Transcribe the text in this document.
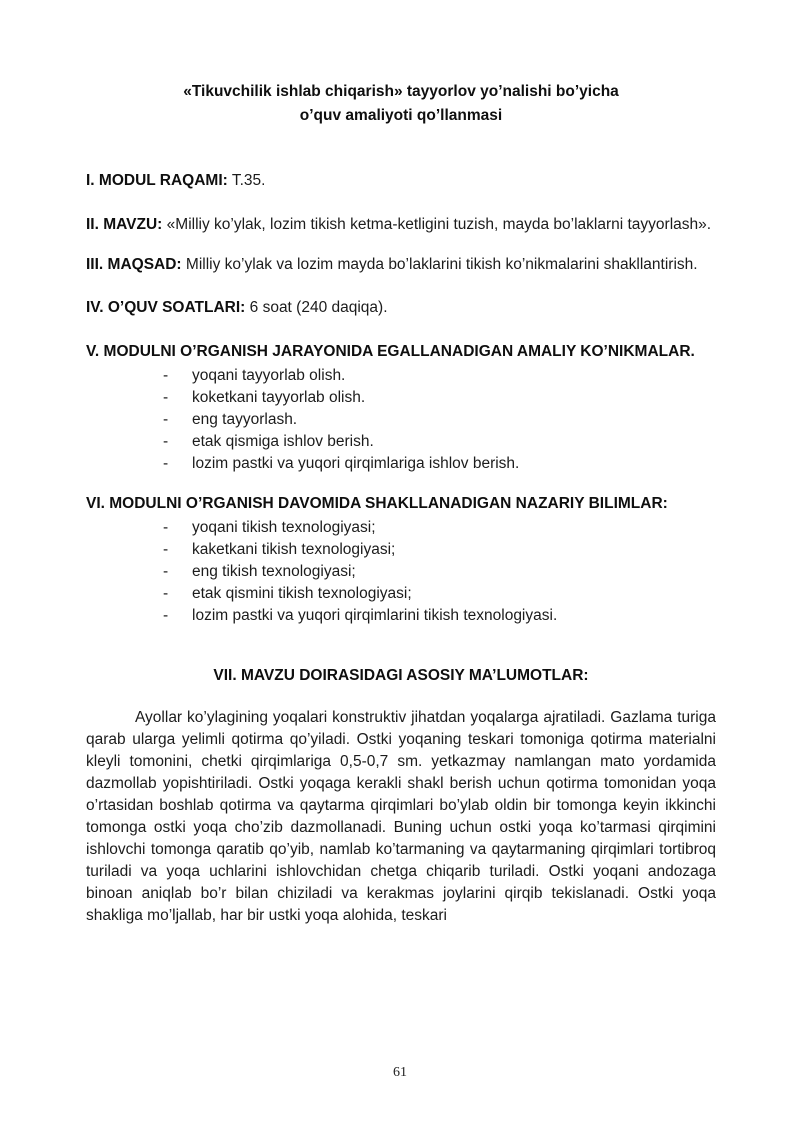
«Tikuvchilik ishlab chiqarish» tayyorlov yo’nalishi bo’yicha
o’quv amaliyoti qo’llanmasi

I. MODUL RAQAMI: T.35.

II. MAVZU: «Milliy ko’ylak, lozim tikish ketma-ketligini tuzish, mayda bo’laklarni tayyorlash».

III. MAQSAD: Milliy ko’ylak va lozim mayda bo’laklarini tikish ko’nikmalarini shakllantirish.

IV. O’QUV SOATLARI: 6 soat (240 daqiqa).

V. MODULNI O’RGANISH JARAYONIDA EGALLANADIGAN AMALIY KO’NIKMALAR.

-	yoqani tayyorlab olish.
-	koketkani tayyorlab olish.
-	eng tayyorlash.
-	etak qismiga ishlov berish.
-	lozim pastki va yuqori qirqimlariga ishlov berish.

VI. MODULNI O’RGANISH DAVOMIDA SHAKLLANADIGAN NAZARIY BILIMLAR:

-	yoqani tikish texnologiyasi;
-	kaketkani tikish texnologiyasi;
-	eng tikish texnologiyasi;
-	etak qismini tikish texnologiyasi;
-	lozim pastki va yuqori qirqimlarini tikish texnologiyasi.

VII. MAVZU DOIRASIDAGI ASOSIY MA’LUMOTLAR:

Ayollar ko’ylagining yoqalari konstruktiv jihatdan yoqalarga ajratiladi. Gazlama turiga qarab ularga yelimli qotirma qo’yiladi. Ostki yoqaning teskari tomoniga qotirma materialni kleyli tomonini, chetki qirqimlariga 0,5-0,7 sm. yetkazmay namlangan mato yordamida dazmollab yopishtiriladi. Ostki yoqaga kerakli shakl berish uchun qotirma tomonidan yoqa o’rtasidan boshlab qotirma va qaytarma qirqimlari bo’ylab oldin bir tomonga keyin ikkinchi tomonga ostki yoqa cho’zib dazmollanadi. Buning uchun ostki yoqa ko’tarmasi qirqimini ishlovchi tomonga qaratib qo’yib, namlab ko’tarmaning va qaytarmaning qirqimlari tortibroq turiladi va yoqa uchlarini ishlovchidan chetga chiqarib turiladi. Ostki yoqani andozaga binoan aniqlab bo’r bilan chiziladi va kerakmas joylarini qirqib tekislanadi. Ostki yoqa shakliga mo’ljallab, har bir ustki yoqa alohida, teskari

61
